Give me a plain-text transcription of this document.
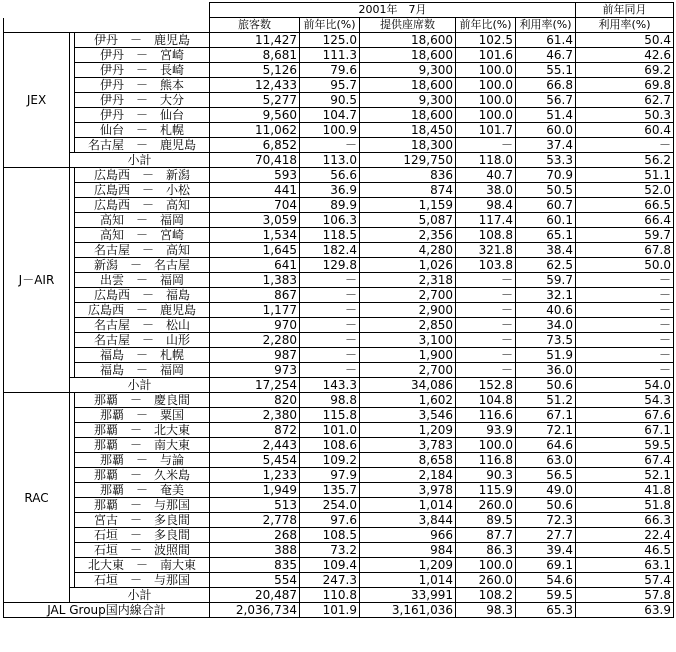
			2001年　7月					前年同月
			旅客数	前年比(%)	提供座席数	前年比(%)	利用率(%)	利用率(%)
JEX		伊丹　－　鹿児島	11,427	125.0	18,600	102.5	61.4	50.4
		伊丹　－　宮崎	8,681	111.3	18,600	101.6	46.7	42.6
		伊丹　－　長崎	5,126	79.6	9,300	100.0	55.1	69.2
		伊丹　－　熊本	12,433	95.7	18,600	100.0	66.8	69.8
		伊丹　－　大分	5,277	90.5	9,300	100.0	56.7	62.7
		伊丹　－　仙台	9,560	104.7	18,600	100.0	51.4	50.3
		仙台　－　札幌	11,062	100.9	18,450	101.7	60.0	60.4
		名古屋　－　鹿児島	6,852	－	18,300	－	37.4	－
	小計		70,418	113.0	129,750	118.0	53.3	56.2
J－AIR		広島西　－　新潟	593	56.6	836	40.7	70.9	51.1
		広島西　－　小松	441	36.9	874	38.0	50.5	52.0
		広島西　－　高知	704	89.9	1,159	98.4	60.7	66.5
		高知　－　福岡	3,059	106.3	5,087	117.4	60.1	66.4
		高知　－　宮崎	1,534	118.5	2,356	108.8	65.1	59.7
		名古屋　－　高知	1,645	182.4	4,280	321.8	38.4	67.8
		新潟　－　名古屋	641	129.8	1,026	103.8	62.5	50.0
		出雲　－　福岡	1,383	－	2,318	－	59.7	－
		広島西　－　福島	867	－	2,700	－	32.1	－
		広島西　－　鹿児島	1,177	－	2,900	－	40.6	－
		名古屋　－　松山	970	－	2,850	－	34.0	－
		名古屋　－　山形	2,280	－	3,100	－	73.5	－
		福島　－　札幌	987	－	1,900	－	51.9	－
		福島　－　福岡	973	－	2,700	－	36.0	－
	小計		17,254	143.3	34,086	152.8	50.6	54.0
RAC		那覇　－　慶良間	820	98.8	1,602	104.8	51.2	54.3
		那覇　－　粟国	2,380	115.8	3,546	116.6	67.1	67.6
		那覇　－　北大東	872	101.0	1,209	93.9	72.1	67.1
		那覇　－　南大東	2,443	108.6	3,783	100.0	64.6	59.5
		那覇　－　与論	5,454	109.2	8,658	116.8	63.0	67.4
		那覇　－　久米島	1,233	97.9	2,184	90.3	56.5	52.1
		那覇　－　奄美	1,949	135.7	3,978	115.9	49.0	41.8
		那覇　－　与那国	513	254.0	1,014	260.0	50.6	51.8
		宮古　－　多良間	2,778	97.6	3,844	89.5	72.3	66.3
		石垣　－　多良間	268	108.5	966	87.7	27.7	22.4
		石垣　－　波照間	388	73.2	984	86.3	39.4	46.5
		北大東　－　南大東	835	109.4	1,209	100.0	69.1	63.1
		石垣　－　与那国	554	247.3	1,014	260.0	54.6	57.4
	小計		20,487	110.8	33,991	108.2	59.5	57.8
JAL Group国内線合計			2,036,734	101.9	3,161,036	98.3	65.3	63.9
